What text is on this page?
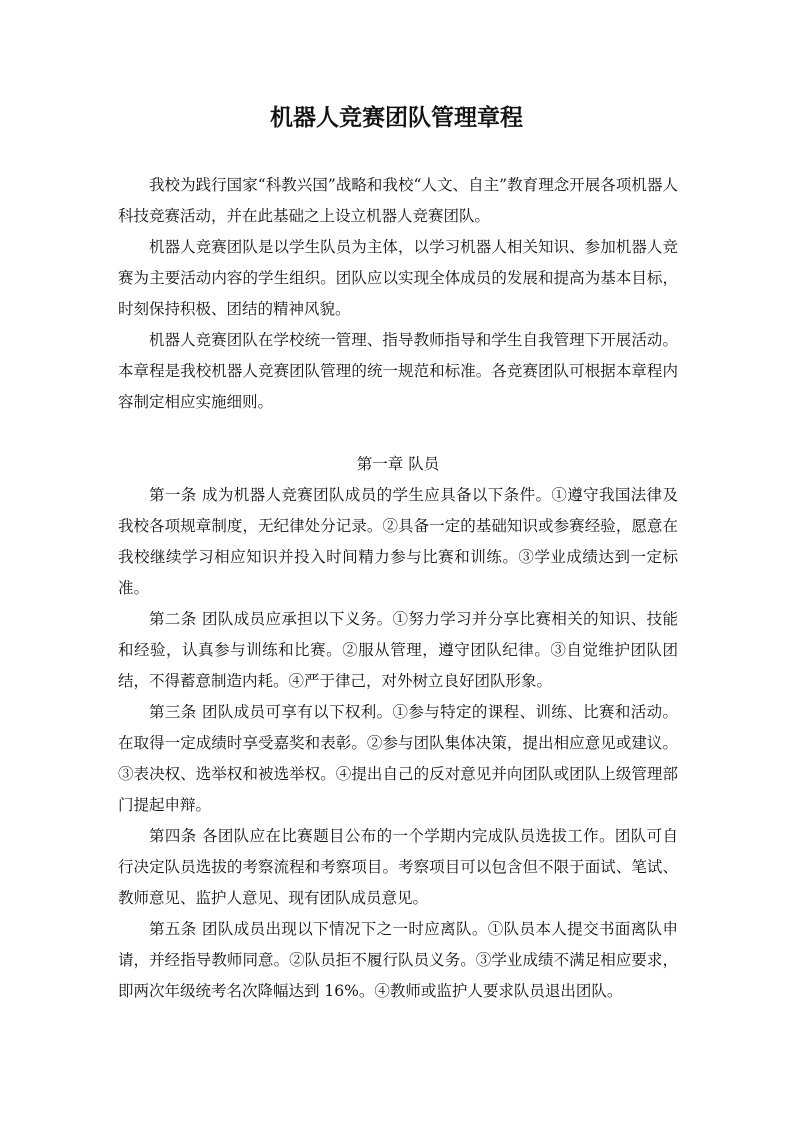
机器人竞赛团队管理章程

我校为践行国家“科教兴国”战略和我校“人文、自主”教育理念开展各项机器人科技竞赛活动，并在此基础之上设立机器人竞赛团队。

机器人竞赛团队是以学生队员为主体，以学习机器人相关知识、参加机器人竞赛为主要活动内容的学生组织。团队应以实现全体成员的发展和提高为基本目标，时刻保持积极、团结的精神风貌。

机器人竞赛团队在学校统一管理、指导教师指导和学生自我管理下开展活动。本章程是我校机器人竞赛团队管理的统一规范和标准。各竞赛团队可根据本章程内容制定相应实施细则。

第一章 队员

第一条 成为机器人竞赛团队成员的学生应具备以下条件。①遵守我国法律及我校各项规章制度，无纪律处分记录。②具备一定的基础知识或参赛经验，愿意在我校继续学习相应知识并投入时间精力参与比赛和训练。③学业成绩达到一定标准。

第二条 团队成员应承担以下义务。①努力学习并分享比赛相关的知识、技能和经验，认真参与训练和比赛。②服从管理，遵守团队纪律。③自觉维护团队团结，不得蓄意制造内耗。④严于律己，对外树立良好团队形象。

第三条 团队成员可享有以下权利。①参与特定的课程、训练、比赛和活动。在取得一定成绩时享受嘉奖和表彰。②参与团队集体决策，提出相应意见或建议。③表决权、选举权和被选举权。④提出自己的反对意见并向团队或团队上级管理部门提起申辩。

第四条 各团队应在比赛题目公布的一个学期内完成队员选拔工作。团队可自行决定队员选拔的考察流程和考察项目。考察项目可以包含但不限于面试、笔试、教师意见、监护人意见、现有团队成员意见。

第五条 团队成员出现以下情况下之一时应离队。①队员本人提交书面离队申请，并经指导教师同意。②队员拒不履行队员义务。③学业成绩不满足相应要求，即两次年级统考名次降幅达到 16%。④教师或监护人要求队员退出团队。
